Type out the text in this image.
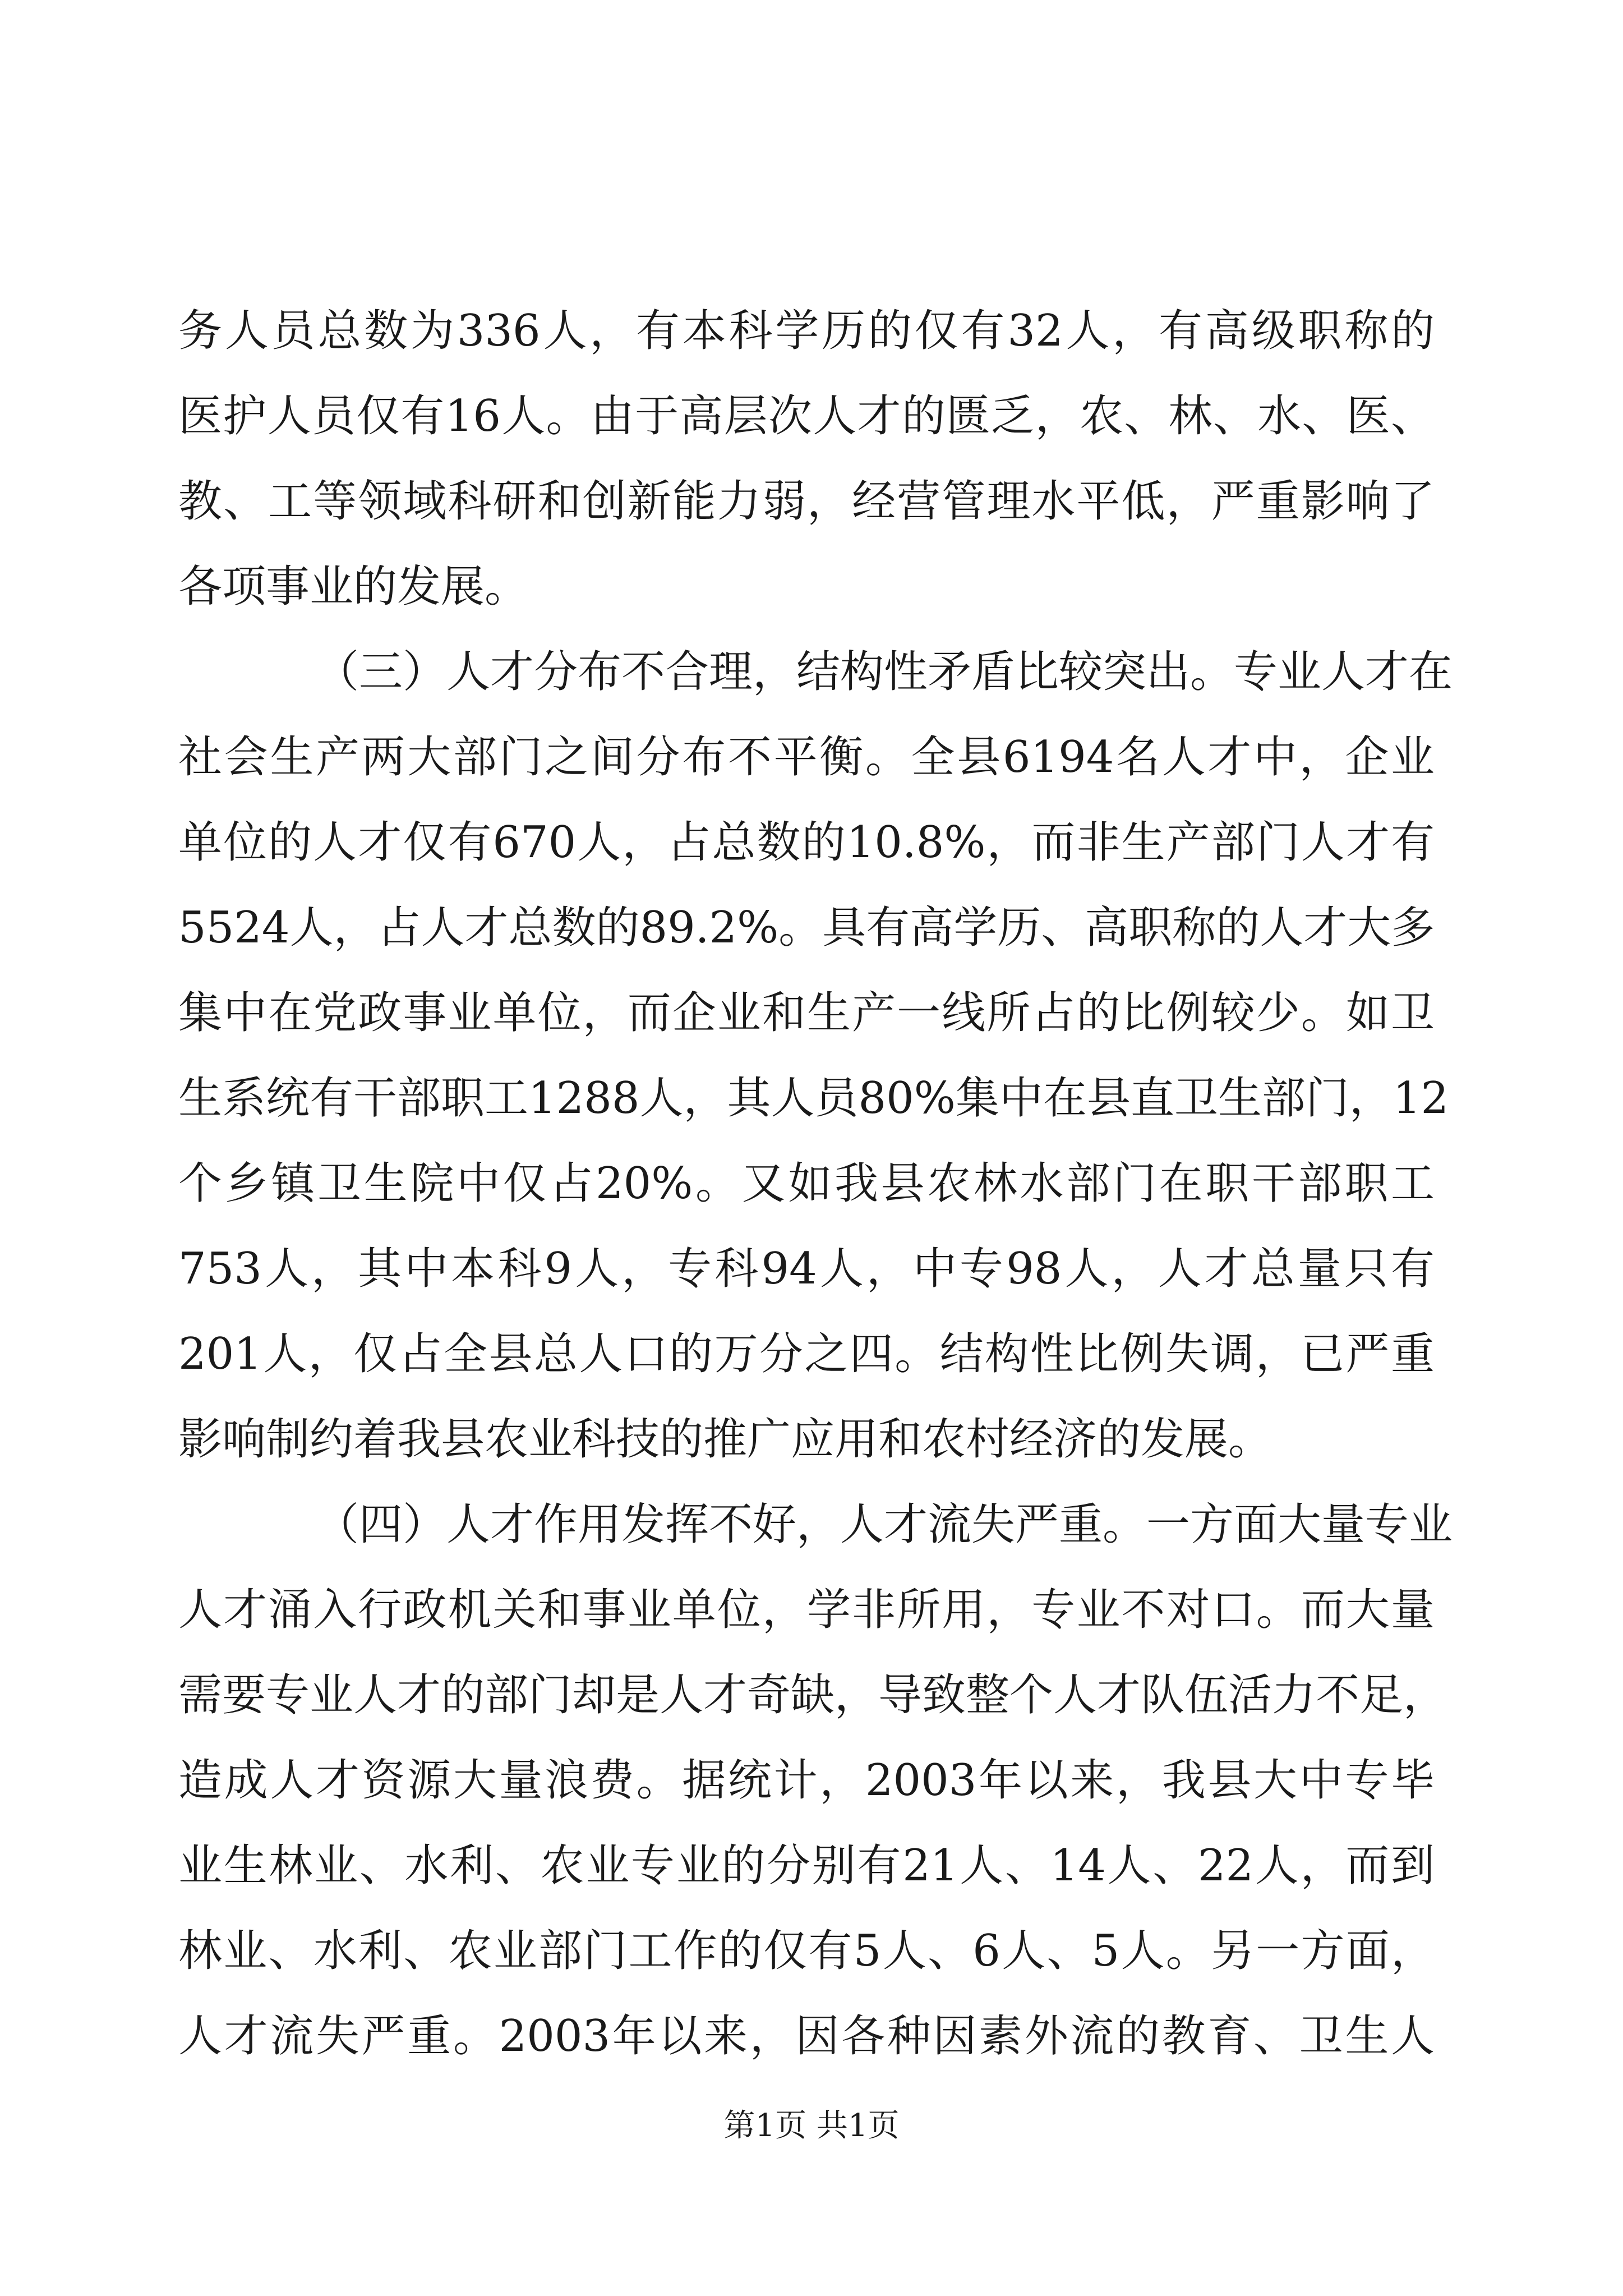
务人员总数为336人，有本科学历的仅有32人，有高级职称的
医护人员仅有16人。由于高层次人才的匮乏，农、林、水、医、
教、工等领域科研和创新能力弱，经营管理水平低，严重影响了
各项事业的发展。
（三）人才分布不合理，结构性矛盾比较突出。专业人才在
社会生产两大部门之间分布不平衡。全县6194名人才中，企业
单位的人才仅有670人，占总数的10.8%，而非生产部门人才有
5524人，占人才总数的89.2%。具有高学历、高职称的人才大多
集中在党政事业单位，而企业和生产一线所占的比例较少。如卫
生系统有干部职工1288人，其人员80%集中在县直卫生部门，12
个乡镇卫生院中仅占20%。又如我县农林水部门在职干部职工
753人，其中本科9人，专科94人，中专98人，人才总量只有
201人，仅占全县总人口的万分之四。结构性比例失调，已严重
影响制约着我县农业科技的推广应用和农村经济的发展。
（四）人才作用发挥不好，人才流失严重。一方面大量专业
人才涌入行政机关和事业单位，学非所用，专业不对口。而大量
需要专业人才的部门却是人才奇缺，导致整个人才队伍活力不足，
造成人才资源大量浪费。据统计，2003年以来，我县大中专毕
业生林业、水利、农业专业的分别有21人、14人、22人，而到
林业、水利、农业部门工作的仅有5人、6人、5人。另一方面，
人才流失严重。2003年以来，因各种因素外流的教育、卫生人
第1页 共1页
